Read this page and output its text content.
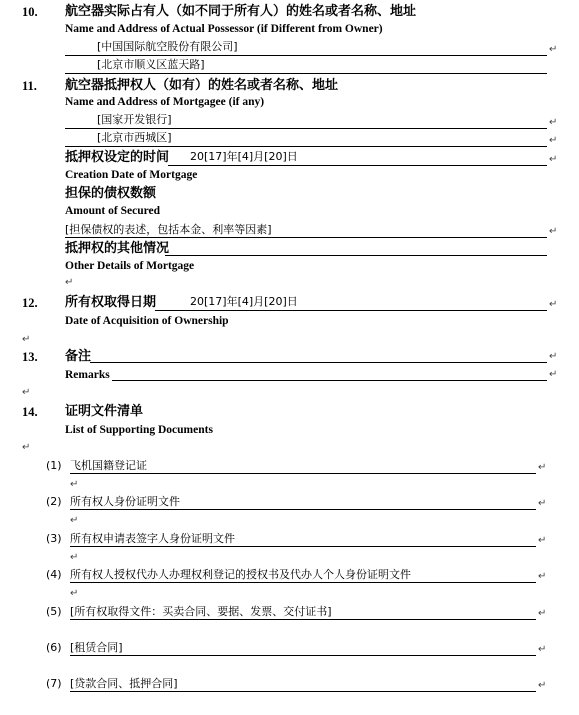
10. 航空器实际占有人（如不同于所有人）的姓名或者名称、地址
Name and Address of Actual Possessor (if Different from Owner)
[中国国际航空股份有限公司]	↵
[北京市顺义区蓝天路]
11. 航空器抵押权人（如有）的姓名或者名称、地址
Name and Address of Mortgagee (if any)
[国家开发银行]	↵
[北京市西城区]	↵
抵押权设定的时间 20[17]年[4]月[20]日	↵
Creation Date of Mortgage
担保的债权数额
Amount of Secured
[担保债权的表述，包括本金、利率等因素]	↵
抵押权的其他情况
Other Details of Mortgage
↵
12. 所有权取得日期	20[17]年[4]月[20]日	↵
Date of Acquisition of Ownership
↵
13. 备注	↵
Remarks	↵
↵
14. 证明文件清单
List of Supporting Documents
↵
(1) 飞机国籍登记证	↵
↵
(2) 所有权人身份证明文件	↵
↵
(3) 所有权申请表签字人身份证明文件	↵
↵
(4) 所有权人授权代办人办理权利登记的授权书及代办人个人身份证明文件	↵
↵
(5) [所有权取得文件：买卖合同、要据、发票、交付证书]	↵
(6) [租赁合同]	↵
(7) [贷款合同、抵押合同]	↵
